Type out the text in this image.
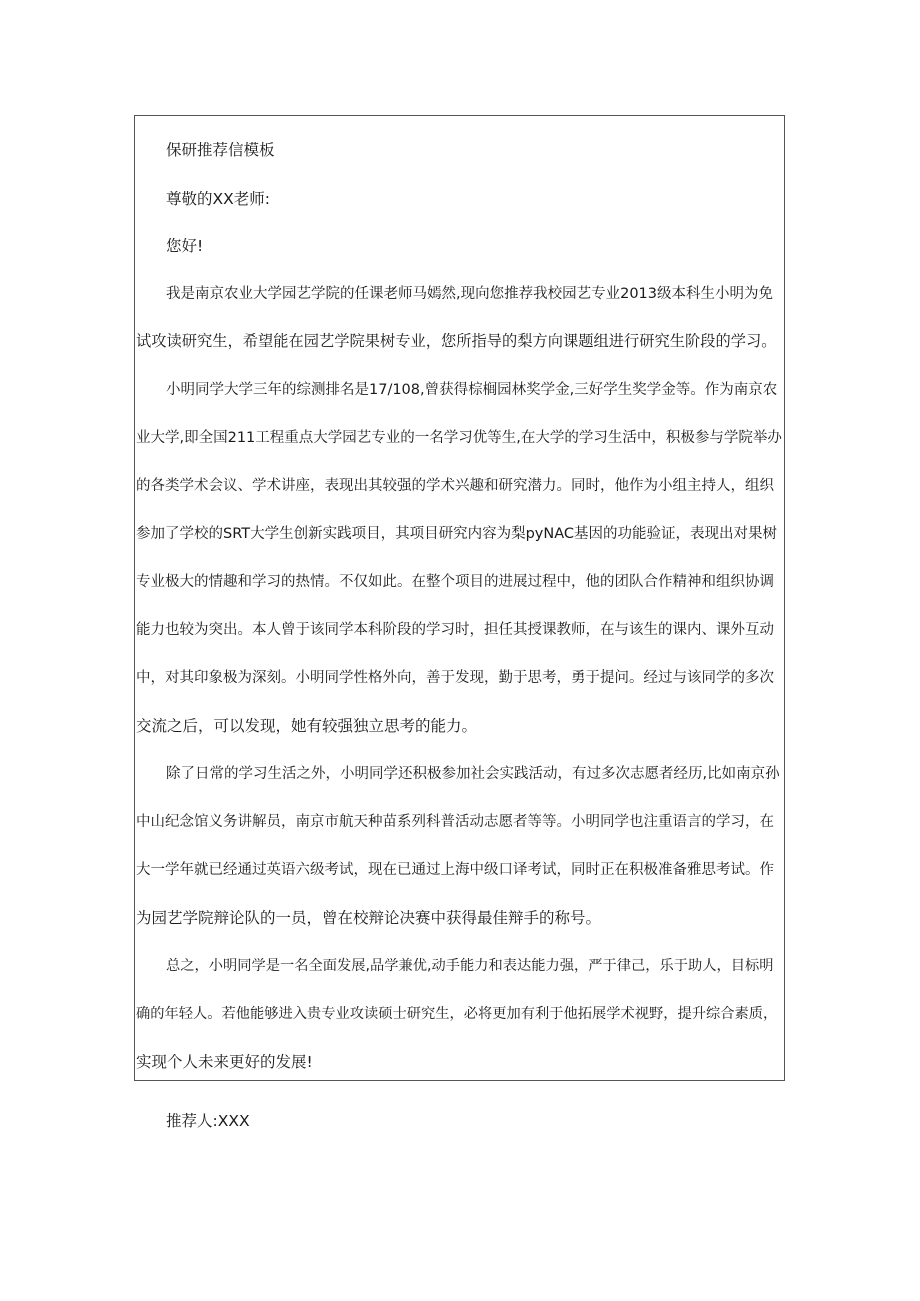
保研推荐信模板
尊敬的XX老师:
您好!
我是南京农业大学园艺学院的任课老师马嫣然,现向您推荐我校园艺专业2013级本科生小明为免
试攻读研究生，希望能在园艺学院果树专业，您所指导的梨方向课题组进行研究生阶段的学习。
小明同学大学三年的综测排名是17/108,曾获得棕榈园林奖学金,三好学生奖学金等。作为南京农
业大学,即全国211工程重点大学园艺专业的一名学习优等生,在大学的学习生活中，积极参与学院举办
的各类学术会议、学术讲座，表现出其较强的学术兴趣和研究潜力。同时，他作为小组主持人，组织
参加了学校的SRT大学生创新实践项目，其项目研究内容为梨pyNAC基因的功能验证，表现出对果树
专业极大的情趣和学习的热情。不仅如此。在整个项目的进展过程中，他的团队合作精神和组织协调
能力也较为突出。本人曾于该同学本科阶段的学习时，担任其授课教师，在与该生的课内、课外互动
中，对其印象极为深刻。小明同学性格外向，善于发现，勤于思考，勇于提问。经过与该同学的多次
交流之后，可以发现，她有较强独立思考的能力。
除了日常的学习生活之外，小明同学还积极参加社会实践活动，有过多次志愿者经历,比如南京孙
中山纪念馆义务讲解员，南京市航天种苗系列科普活动志愿者等等。小明同学也注重语言的学习，在
大一学年就已经通过英语六级考试，现在已通过上海中级口译考试，同时正在积极准备雅思考试。作
为园艺学院辩论队的一员，曾在校辩论决赛中获得最佳辩手的称号。
总之，小明同学是一名全面发展,品学兼优,动手能力和表达能力强，严于律己，乐于助人，目标明
确的年轻人。若他能够进入贵专业攻读硕士研究生，必将更加有利于他拓展学术视野，提升综合素质，
实现个人未来更好的发展!
推荐人:XXX
